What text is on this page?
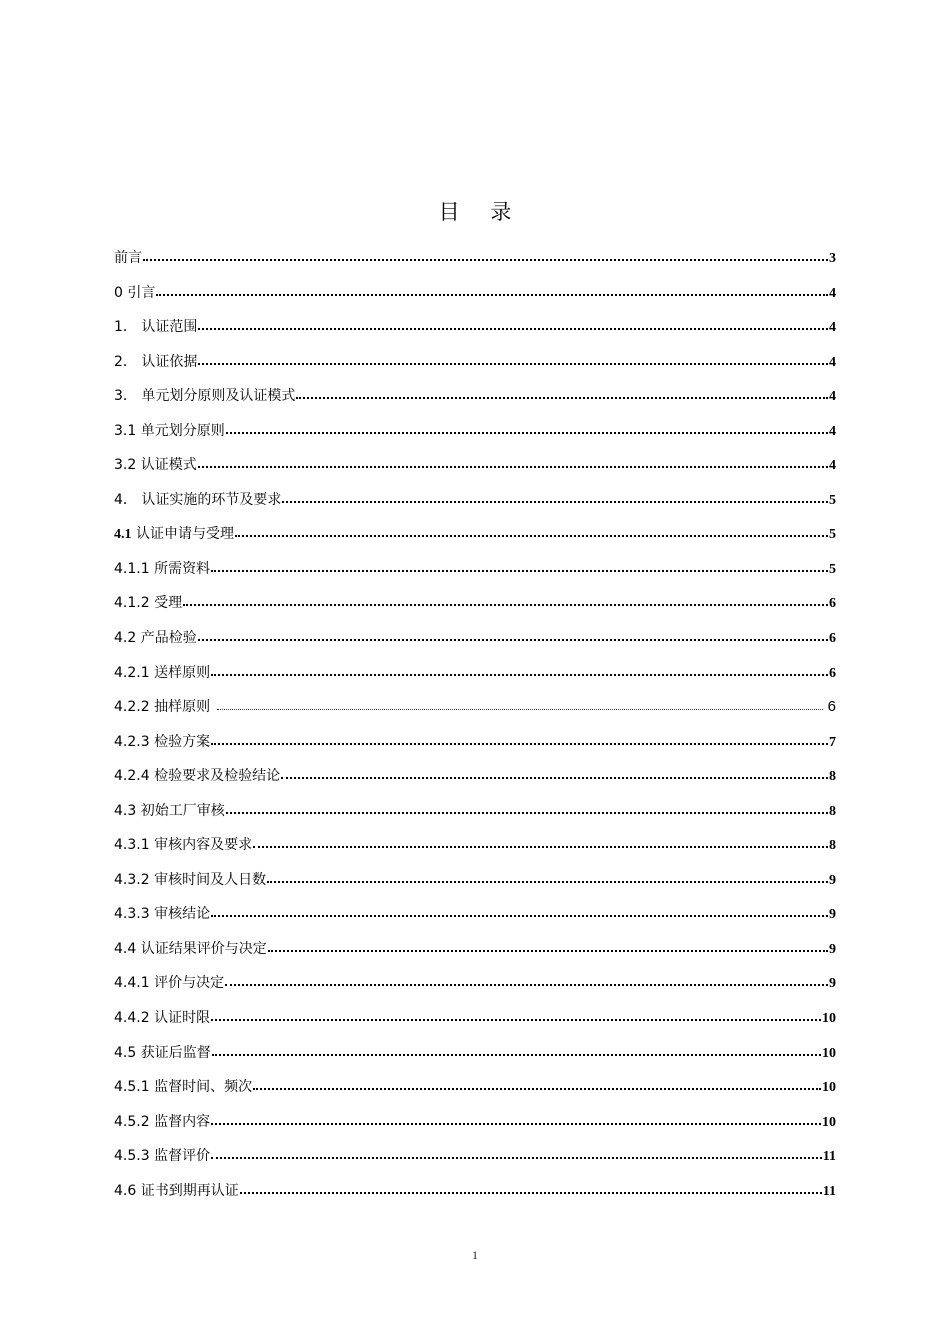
目 录
前言	3
0 引言	4
1． 认证范围	4
2． 认证依据	4
3． 单元划分原则及认证模式	4
3.1 单元划分原则	4
3.2 认证模式	4
4． 认证实施的环节及要求	5
4.1 认证申请与受理	5
4.1.1 所需资料	5
4.1.2 受理	6
4.2 产品检验	6
4.2.1 送样原则	6
4.2.2 抽样原则	6
4.2.3 检验方案	7
4.2.4 检验要求及检验结论	8
4.3 初始工厂审核	8
4.3.1 审核内容及要求	8
4.3.2 审核时间及人日数	9
4.3.3 审核结论	9
4.4 认证结果评价与决定	9
4.4.1 评价与决定	9
4.4.2 认证时限	10
4.5 获证后监督	10
4.5.1 监督时间、频次	10
4.5.2 监督内容	10
4.5.3 监督评价	11
4.6 证书到期再认证	11
1
